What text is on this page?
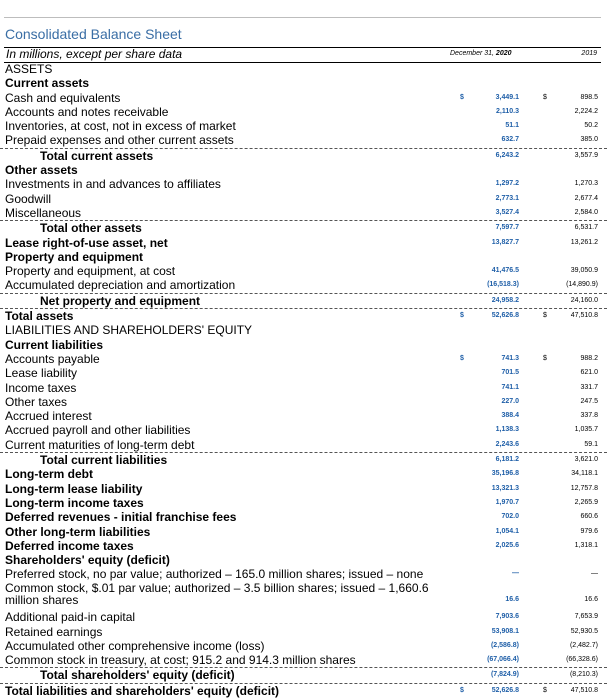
Consolidated Balance Sheet
In millions, except per share data	December 31, 2020	2019
ASSETS
Current assets
Cash and equivalents	$	3,449.1	$	898.5
Accounts and notes receivable	2,110.3	2,224.2
Inventories, at cost, not in excess of market	51.1	50.2
Prepaid expenses and other current assets	632.7	385.0
Total current assets	6,243.2	3,557.9
Other assets
Investments in and advances to affiliates	1,297.2	1,270.3
Goodwill	2,773.1	2,677.4
Miscellaneous	3,527.4	2,584.0
Total other assets	7,597.7	6,531.7
Lease right-of-use asset, net	13,827.7	13,261.2
Property and equipment
Property and equipment, at cost	41,476.5	39,050.9
Accumulated depreciation and amortization	(16,518.3)	(14,890.9)
Net property and equipment	24,958.2	24,160.0
Total assets	$	52,626.8	$	47,510.8
LIABILITIES AND SHAREHOLDERS' EQUITY
Current liabilities
Accounts payable	$	741.3	$	988.2
Lease liability	701.5	621.0
Income taxes	741.1	331.7
Other taxes	227.0	247.5
Accrued interest	388.4	337.8
Accrued payroll and other liabilities	1,138.3	1,035.7
Current maturities of long-term debt	2,243.6	59.1
Total current liabilities	6,181.2	3,621.0
Long-term debt	35,196.8	34,118.1
Long-term lease liability	13,321.3	12,757.8
Long-term income taxes	1,970.7	2,265.9
Deferred revenues - initial franchise fees	702.0	660.6
Other long-term liabilities	1,054.1	979.6
Deferred income taxes	2,025.6	1,318.1
Shareholders' equity (deficit)
Preferred stock, no par value; authorized – 165.0 million shares; issued – none	—	—
Common stock, $.01 par value; authorized – 3.5 billion shares; issued – 1,660.6 million shares	16.6	16.6
Additional paid-in capital	7,903.6	7,653.9
Retained earnings	53,908.1	52,930.5
Accumulated other comprehensive income (loss)	(2,586.8)	(2,482.7)
Common stock in treasury, at cost; 915.2 and 914.3 million shares	(67,066.4)	(66,328.6)
Total shareholders' equity (deficit)	(7,824.9)	(8,210.3)
Total liabilities and shareholders' equity (deficit)	$	52,626.8	$	47,510.8
